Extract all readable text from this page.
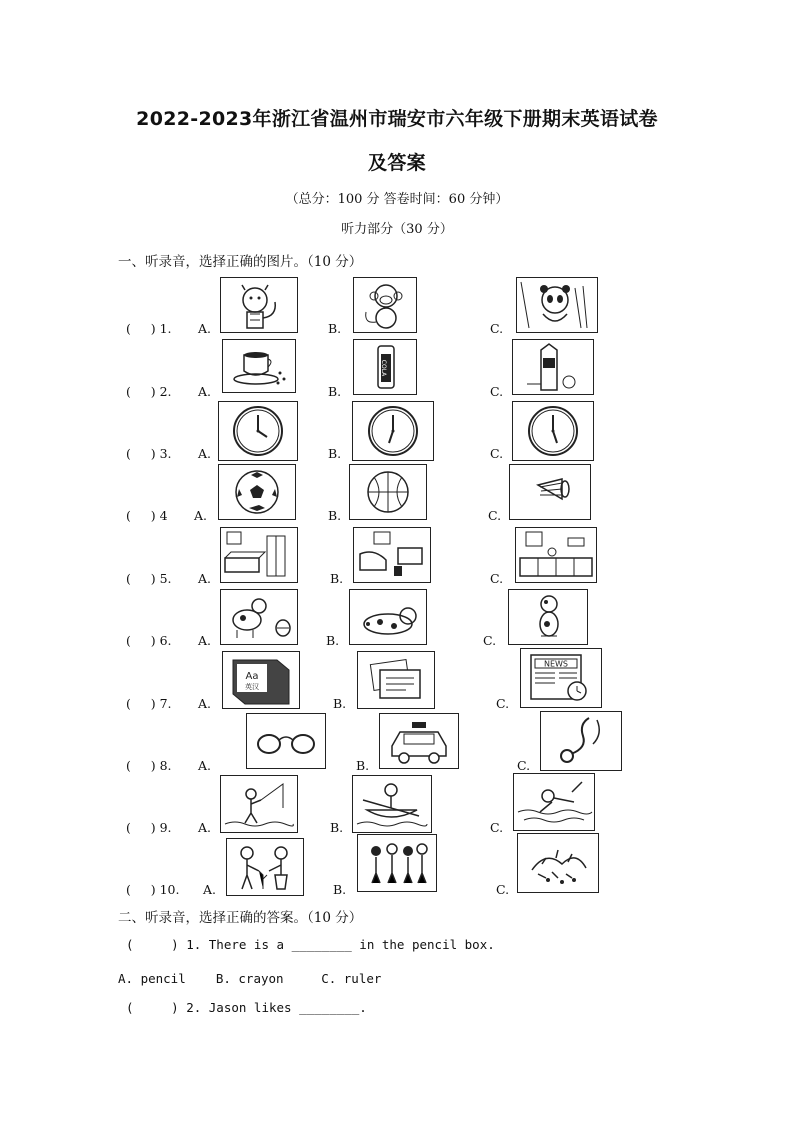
2022-2023年浙江省温州市瑞安市六年级下册期末英语试卷
及答案
（总分：100 分 答卷时间：60 分钟）
听力部分（30 分）
一、听录音，选择正确的图片。（10 分）
(     ) 1. A.	B.	C.
(     ) 2. A.	B.	C.
COLA
(     ) 3. A.	B.	C.
(     ) 4 A.	B.	C.
(     ) 5. A.	B.	C.
(     ) 6. A.	B.	C.
(     ) 7. A.	B.	C.
Aa
英汉
NEWS
(     ) 8. A.	B.	C.
(     ) 9. A.	B.	C.
(     ) 10. A.	B.	C.
二、听录音，选择正确的答案。（10 分）
(     ) 1. There is a ________ in the pencil box.
A. pencil    B. crayon     C. ruler
(     ) 2. Jason likes ________.
